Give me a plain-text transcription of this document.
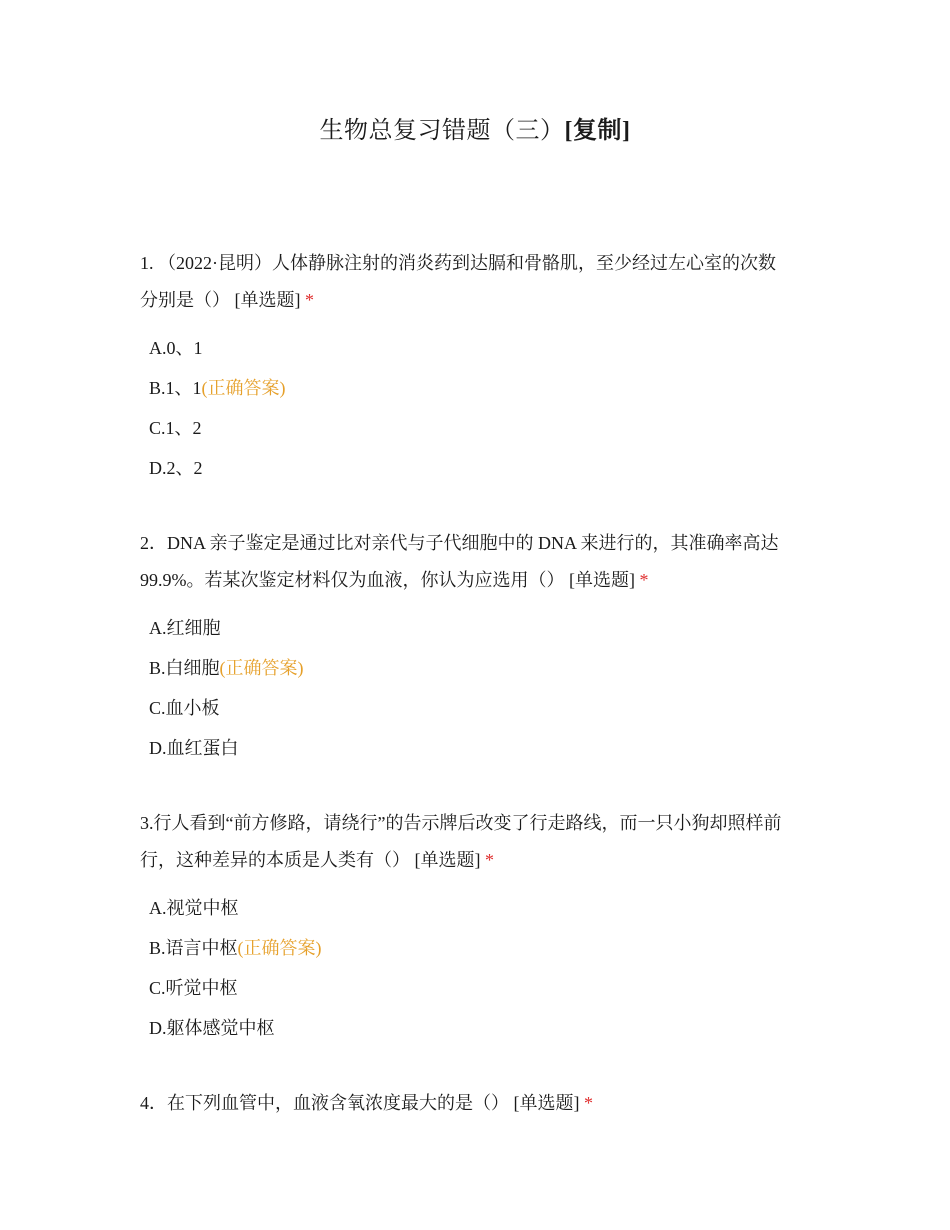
生物总复习错题（三）[复制]
1. （2022·昆明）人体静脉注射的消炎药到达膈和骨骼肌，至少经过左心室的次数
分别是（） [单选题] *
A.0、1
B.1、1(正确答案)
C.1、2
D.2、2
2．DNA 亲子鉴定是通过比对亲代与子代细胞中的 DNA 来进行的，其准确率高达
99.9%。若某次鉴定材料仅为血液，你认为应选用（） [单选题] *
A.红细胞
B.白细胞(正确答案)
C.血小板
D.血红蛋白
3.行人看到“前方修路，请绕行”的告示牌后改变了行走路线，而一只小狗却照样前
行，这种差异的本质是人类有（） [单选题] *
A.视觉中枢
B.语言中枢(正确答案)
C.听觉中枢
D.躯体感觉中枢
4．在下列血管中，血液含氧浓度最大的是（） [单选题] *
